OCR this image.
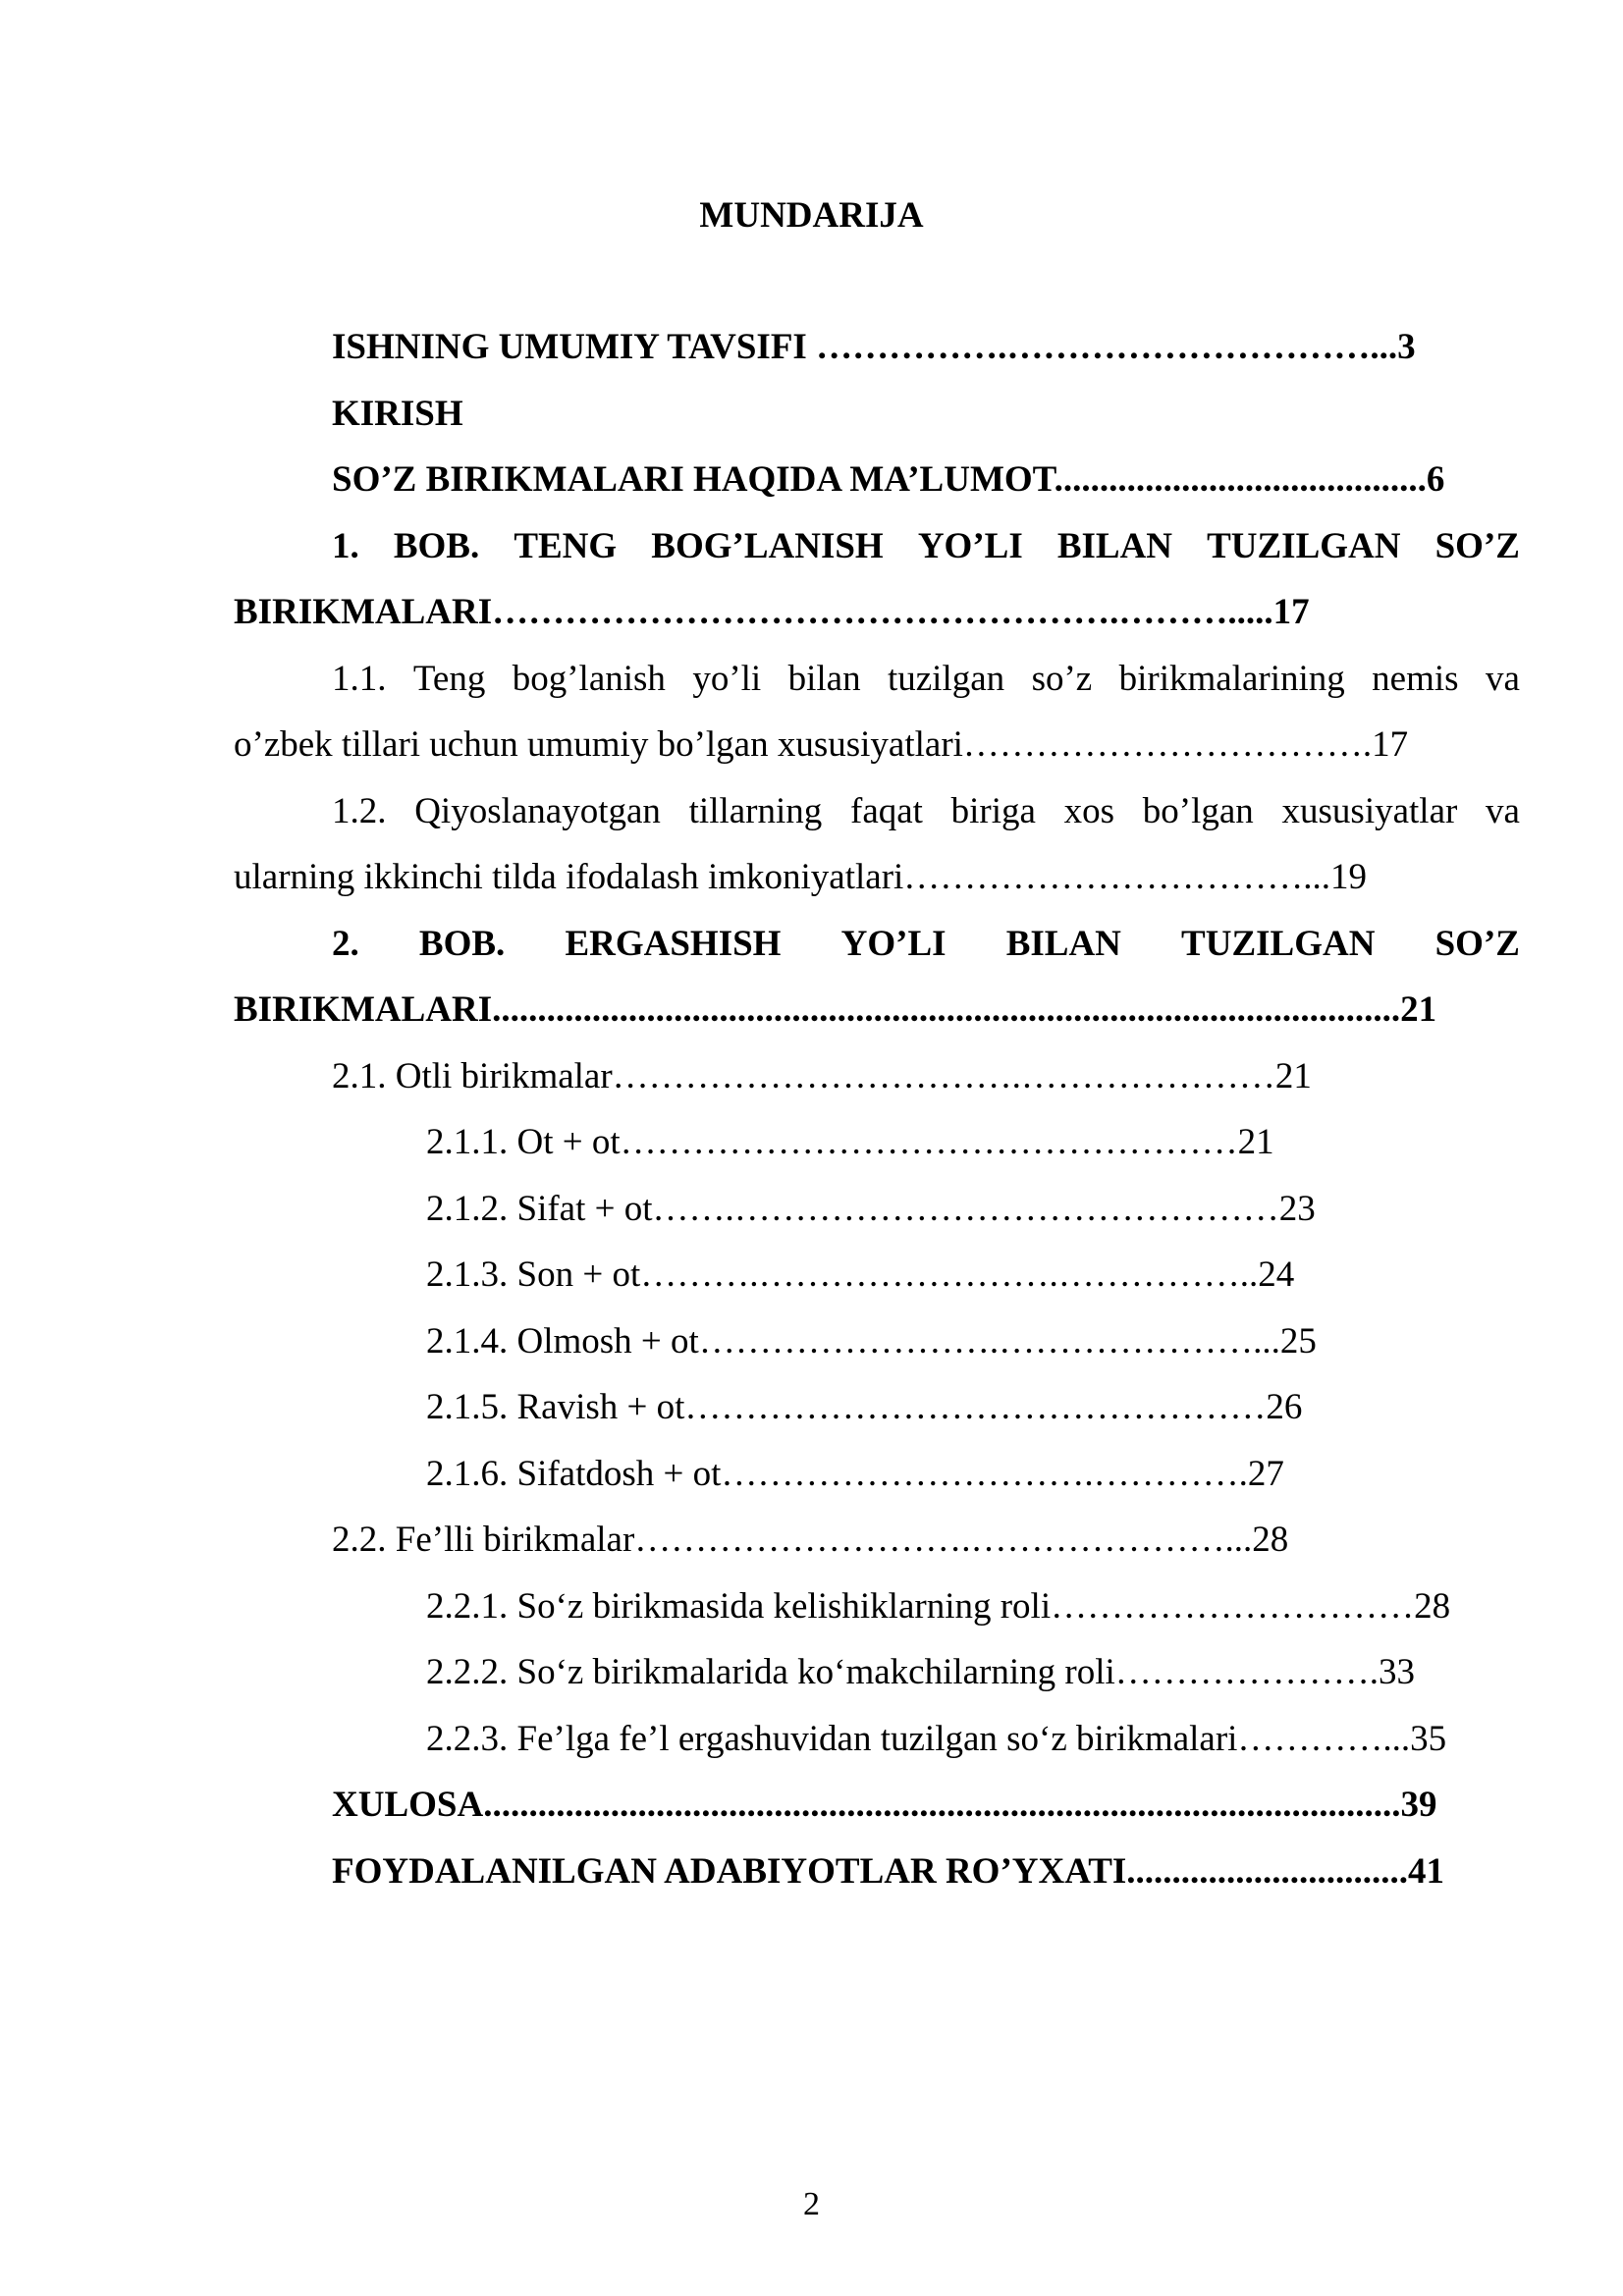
MUNDARIJA
ISHNING UMUMIY TAVSIFI …………….…………………………...3
KIRISH
SO’Z BIRIKMALARI HAQIDA MA’LUMOT.........................................6
1. BOB. TENG BOG’LANISH YO’LI BILAN TUZILGAN SO’Z
BIRIKMALARI…………………………………………….……….....17
1.1. Teng bog’lanish yo’li bilan tuzilgan so’z birikmalarining nemis va
o’zbek tillari uchun umumiy bo’lgan xususiyatlari…………………………….17
1.2. Qiyoslanayotgan tillarning faqat biriga xos bo’lgan xususiyatlar va
ularning ikkinchi tilda ifodalash imkoniyatlari……………………………...19
2. BOB. ERGASHISH YO’LI BILAN TUZILGAN SO’Z
BIRIKMALARI....................................................................................................21
2.1. Otli birikmalar…………………………….…………………21
2.1.1. Ot + ot……………………………………………21
2.1.2. Sifat + ot…….………………………………………23
2.1.3. Son + ot……….…………………….……………..24
2.1.4. Olmosh + ot…………………….…………………...25
2.1.5. Ravish + ot…………………………………………26
2.1.6. Sifatdosh + ot………………………….………….27
2.2. Fe’lli birikmalar……………………….…………………...28
2.2.1. So‘z birikmasida kelishiklarning roli…………………………28
2.2.2. So‘z birikmalarida ko‘makchilarning roli………………….33
2.2.3. Fe’lga fe’l ergashuvidan tuzilgan so‘z birikmalari…………...35
XULOSA.....................................................................................................39
FOYDALANILGAN ADABIYOTLAR RO’YXATI...............................41
2
